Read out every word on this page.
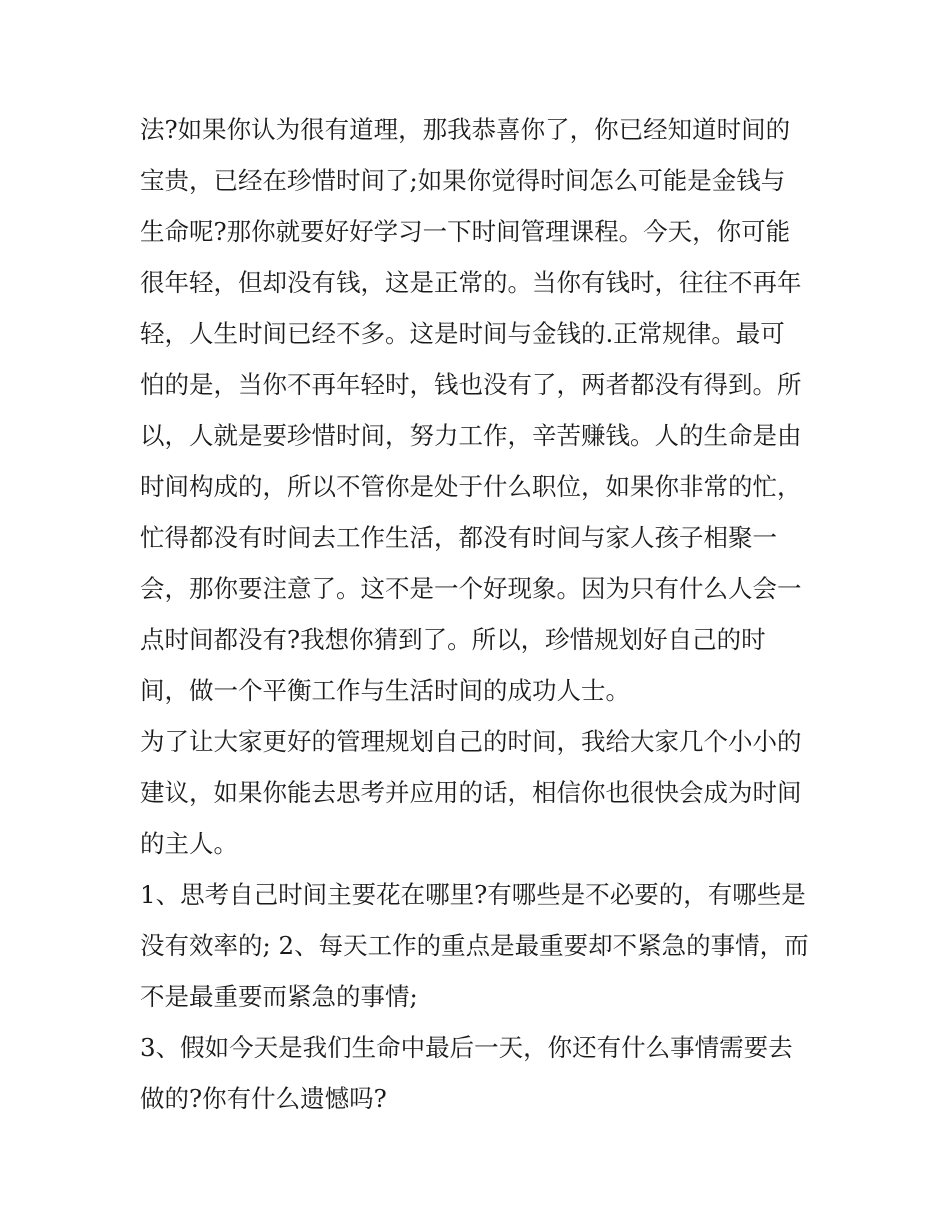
法?如果你认为很有道理，那我恭喜你了，你已经知道时间的
宝贵，已经在珍惜时间了;如果你觉得时间怎么可能是金钱与
生命呢?那你就要好好学习一下时间管理课程。今天，你可能
很年轻，但却没有钱，这是正常的。当你有钱时，往往不再年
轻，人生时间已经不多。这是时间与金钱的.正常规律。最可
怕的是，当你不再年轻时，钱也没有了，两者都没有得到。所
以，人就是要珍惜时间，努力工作，辛苦赚钱。人的生命是由
时间构成的，所以不管你是处于什么职位，如果你非常的忙，
忙得都没有时间去工作生活，都没有时间与家人孩子相聚一
会，那你要注意了。这不是一个好现象。因为只有什么人会一
点时间都没有?我想你猜到了。所以，珍惜规划好自己的时
间，做一个平衡工作与生活时间的成功人士。
为了让大家更好的管理规划自己的时间，我给大家几个小小的
建议，如果你能去思考并应用的话，相信你也很快会成为时间
的主人。
1、思考自己时间主要花在哪里?有哪些是不必要的，有哪些是
没有效率的; 2、每天工作的重点是最重要却不紧急的事情，而
不是最重要而紧急的事情;
3、假如今天是我们生命中最后一天，你还有什么事情需要去
做的?你有什么遗憾吗?
